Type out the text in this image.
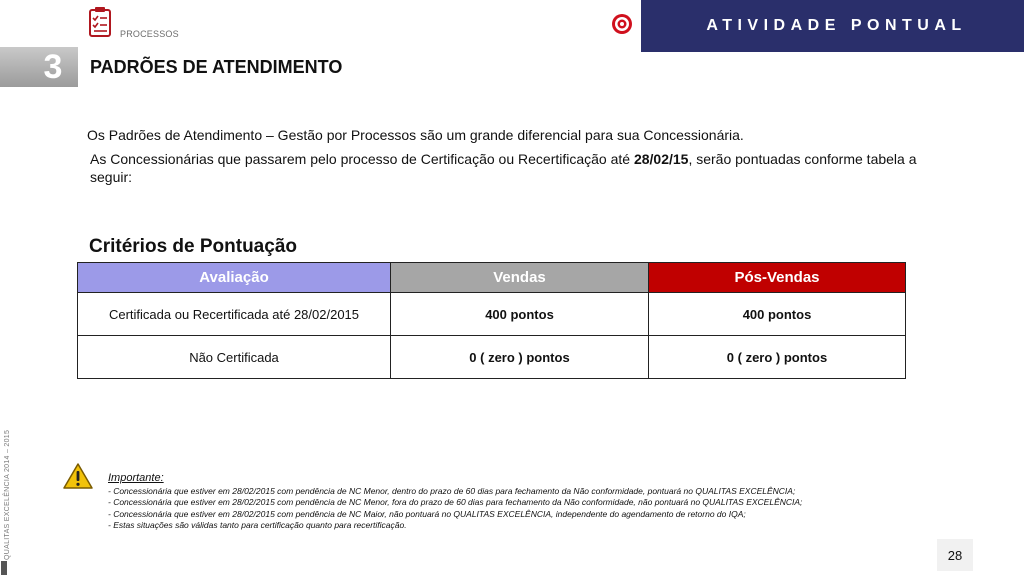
PROCESSOS	ATIVIDADE PONTUAL
3 PADRÕES DE ATENDIMENTO

Os Padrões de Atendimento – Gestão por Processos são um grande diferencial para sua Concessionária.

As Concessionárias que passarem pelo processo de Certificação ou Recertificação até 28/02/15, serão pontuadas conforme tabela a seguir:

Critérios de Pontuação
Avaliação	Vendas	Pós-Vendas
Certificada ou Recertificada até 28/02/2015	400 pontos	400 pontos
Não Certificada	0 ( zero ) pontos	0 ( zero ) pontos
Importante:
- Concessionária que estiver em 28/02/2015 com pendência de NC Menor, dentro do prazo de 60 dias para fechamento da Não conformidade, pontuará no QUALITAS EXCELÊNCIA;
- Concessionária que estiver em 28/02/2015 com pendência de NC Menor, fora do prazo de 60 dias para fechamento da Não conformidade, não pontuará no QUALITAS EXCELÊNCIA;
- Concessionária que estiver em 28/02/2015 com pendência de NC Maior, não pontuará no QUALITAS EXCELÊNCIA, independente do agendamento de retorno do IQA;
- Estas situações são válidas tanto para certificação quanto para recertificação.
QUALITAS EXCELÊNCIA 2014 – 2015	28
